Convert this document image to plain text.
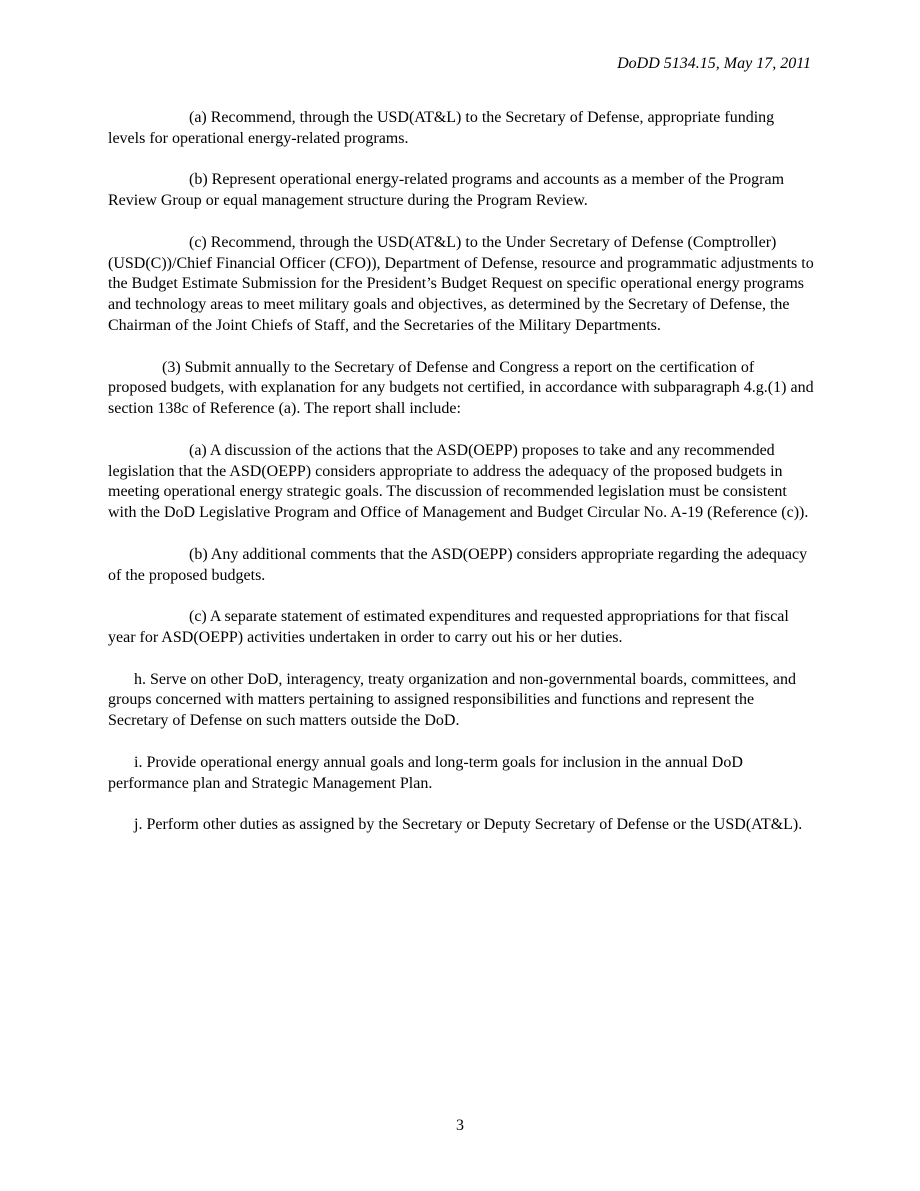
DoDD 5134.15, May 17, 2011

(a) Recommend, through the USD(AT&L) to the Secretary of Defense, appropriate funding levels for operational energy-related programs.

(b) Represent operational energy-related programs and accounts as a member of the Program Review Group or equal management structure during the Program Review.

(c) Recommend, through the USD(AT&L) to the Under Secretary of Defense (Comptroller) (USD(C))/Chief Financial Officer (CFO)), Department of Defense, resource and programmatic adjustments to the Budget Estimate Submission for the President’s Budget Request on specific operational energy programs and technology areas to meet military goals and objectives, as determined by the Secretary of Defense, the Chairman of the Joint Chiefs of Staff, and the Secretaries of the Military Departments.

(3) Submit annually to the Secretary of Defense and Congress a report on the certification of proposed budgets, with explanation for any budgets not certified, in accordance with subparagraph 4.g.(1) and section 138c of Reference (a). The report shall include:

(a) A discussion of the actions that the ASD(OEPP) proposes to take and any recommended legislation that the ASD(OEPP) considers appropriate to address the adequacy of the proposed budgets in meeting operational energy strategic goals. The discussion of recommended legislation must be consistent with the DoD Legislative Program and Office of Management and Budget Circular No. A-19 (Reference (c)).

(b) Any additional comments that the ASD(OEPP) considers appropriate regarding the adequacy of the proposed budgets.

(c) A separate statement of estimated expenditures and requested appropriations for that fiscal year for ASD(OEPP) activities undertaken in order to carry out his or her duties.

h. Serve on other DoD, interagency, treaty organization and non-governmental boards, committees, and groups concerned with matters pertaining to assigned responsibilities and functions and represent the Secretary of Defense on such matters outside the DoD.

i. Provide operational energy annual goals and long-term goals for inclusion in the annual DoD performance plan and Strategic Management Plan.

j. Perform other duties as assigned by the Secretary or Deputy Secretary of Defense or the USD(AT&L).

3
